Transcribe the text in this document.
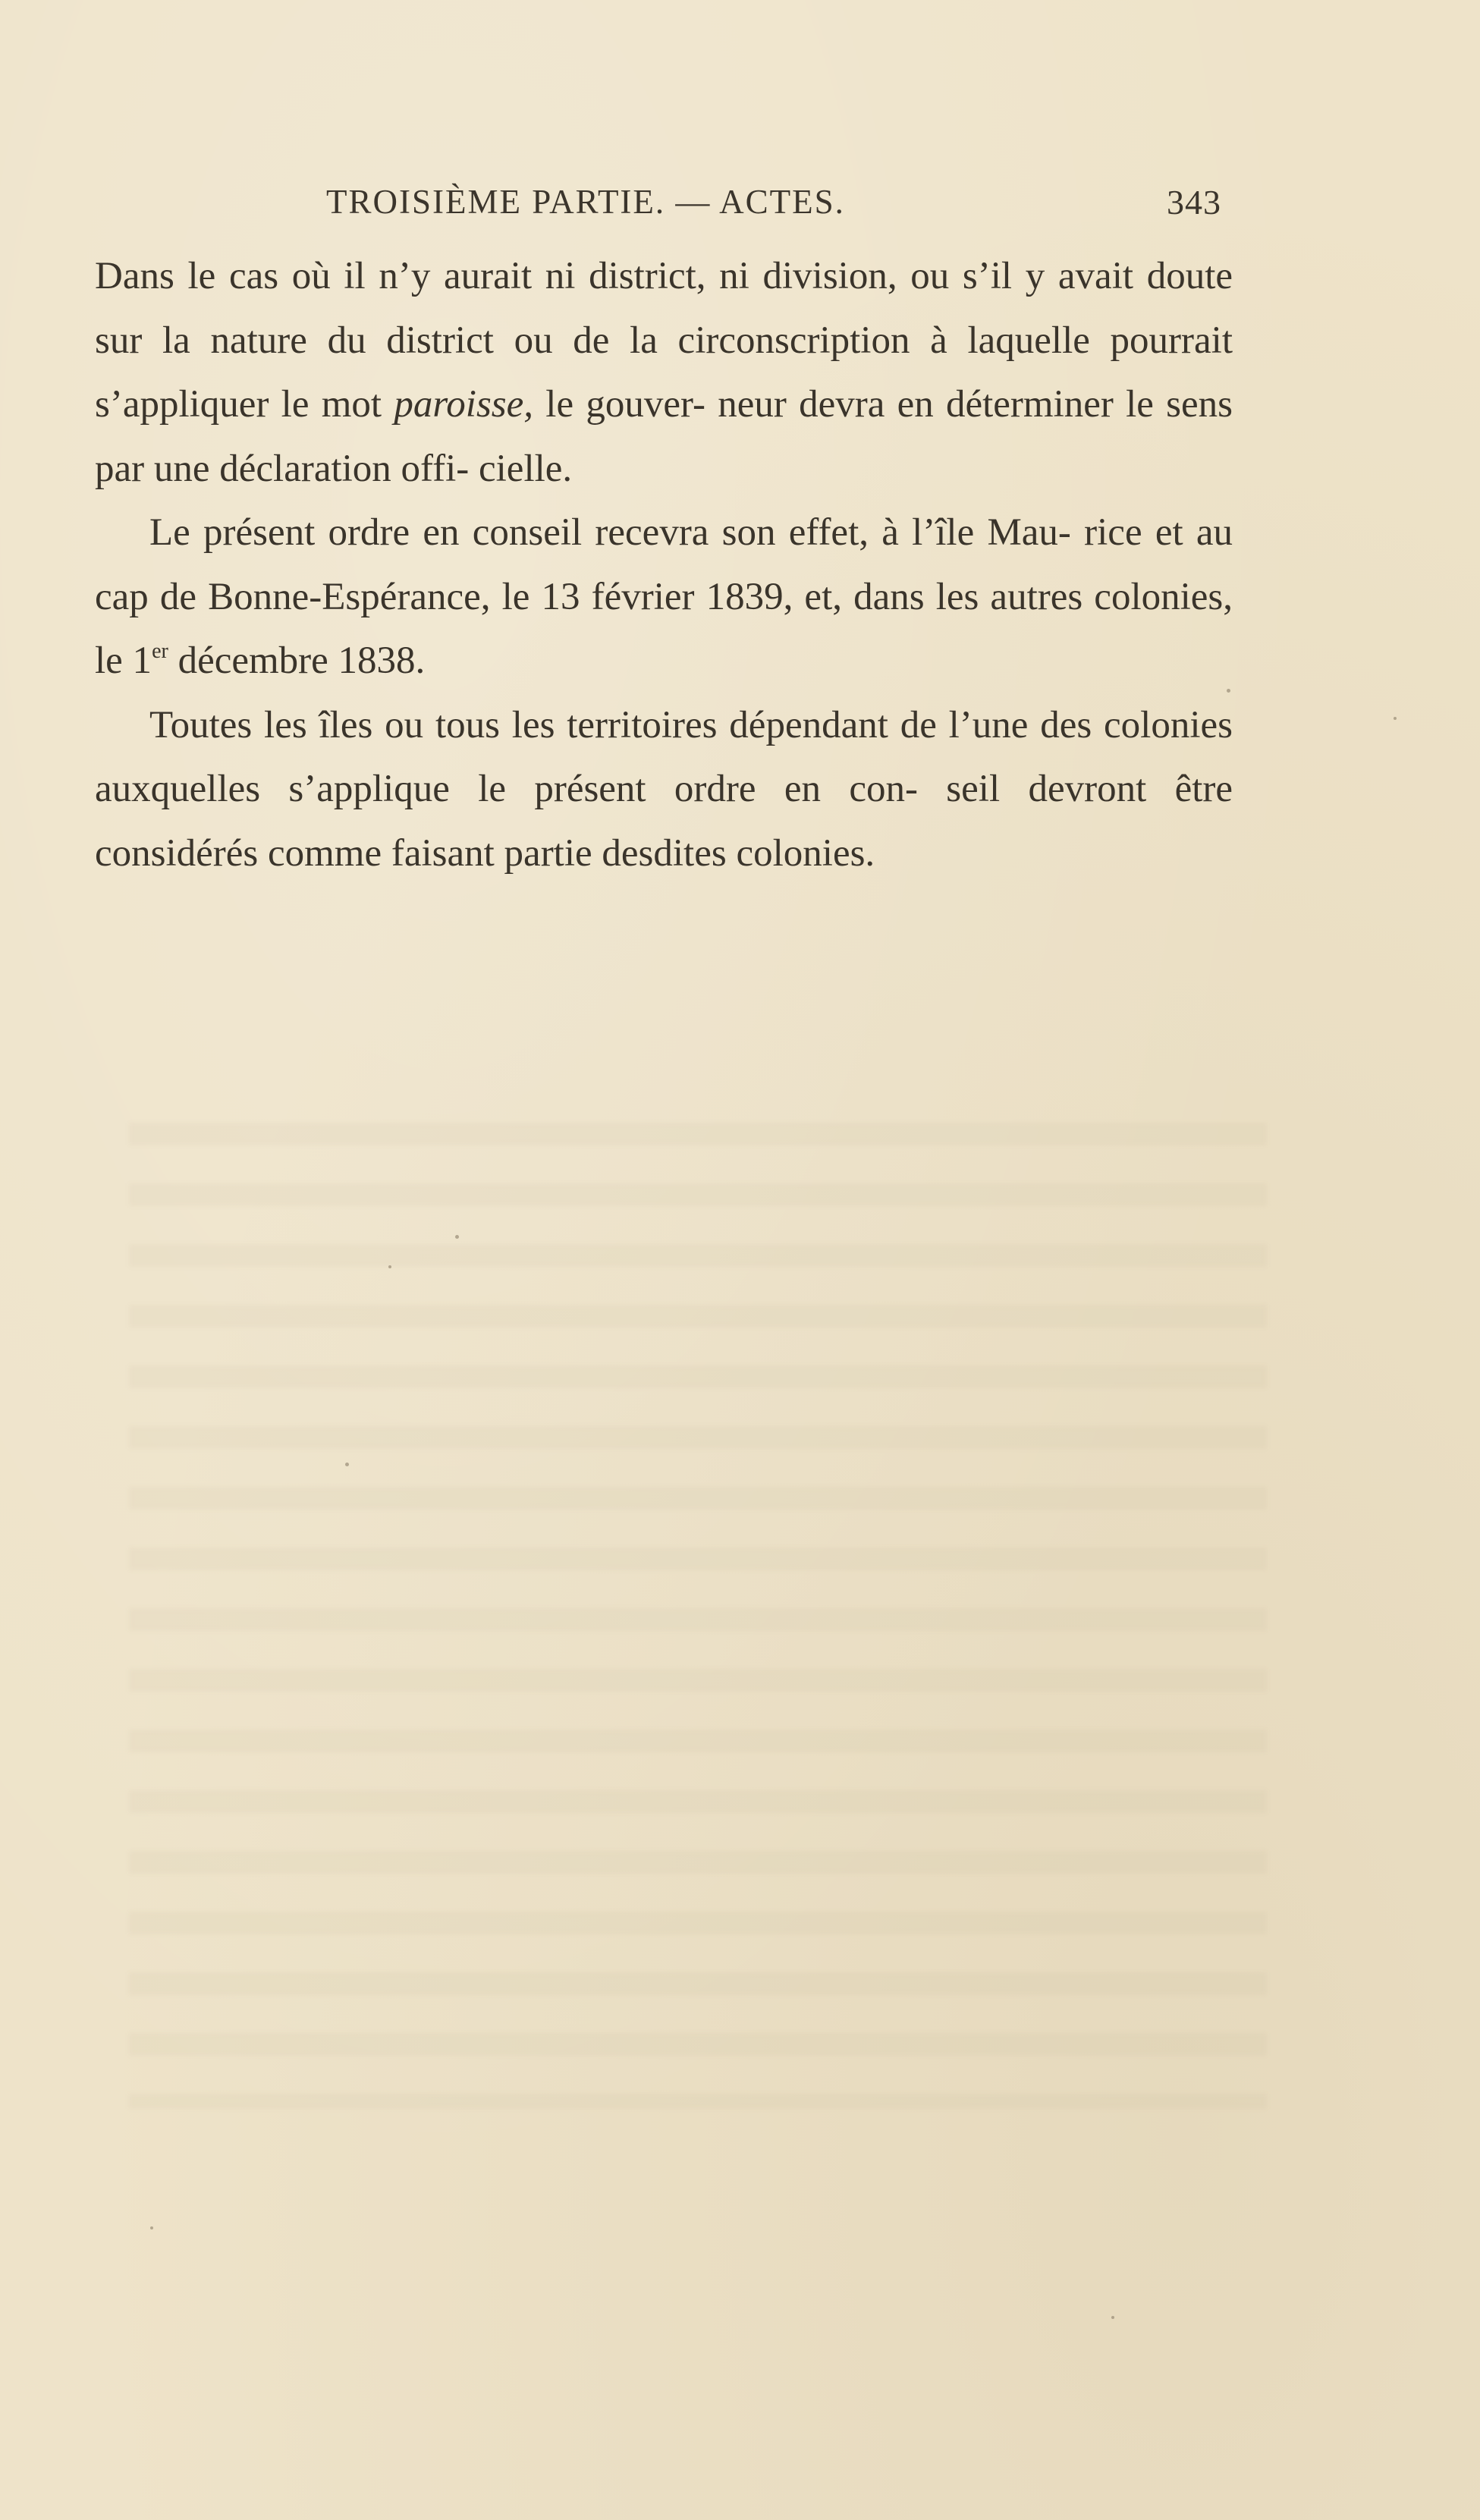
TROISIÈME PARTIE. — ACTES.	343

Dans le cas où il n’y aurait ni district, ni division, ou s’il y avait doute sur la nature du district ou de la circonscription à laquelle pourrait s’appliquer le mot paroisse, le gouver- neur devra en déterminer le sens par une déclaration offi- cielle.

Le présent ordre en conseil recevra son effet, à l’île Mau- rice et au cap de Bonne-Espérance, le 13 février 1839, et, dans les autres colonies, le 1er décembre 1838.

Toutes les îles ou tous les territoires dépendant de l’une des colonies auxquelles s’applique le présent ordre en con- seil devront être considérés comme faisant partie desdites colonies.
